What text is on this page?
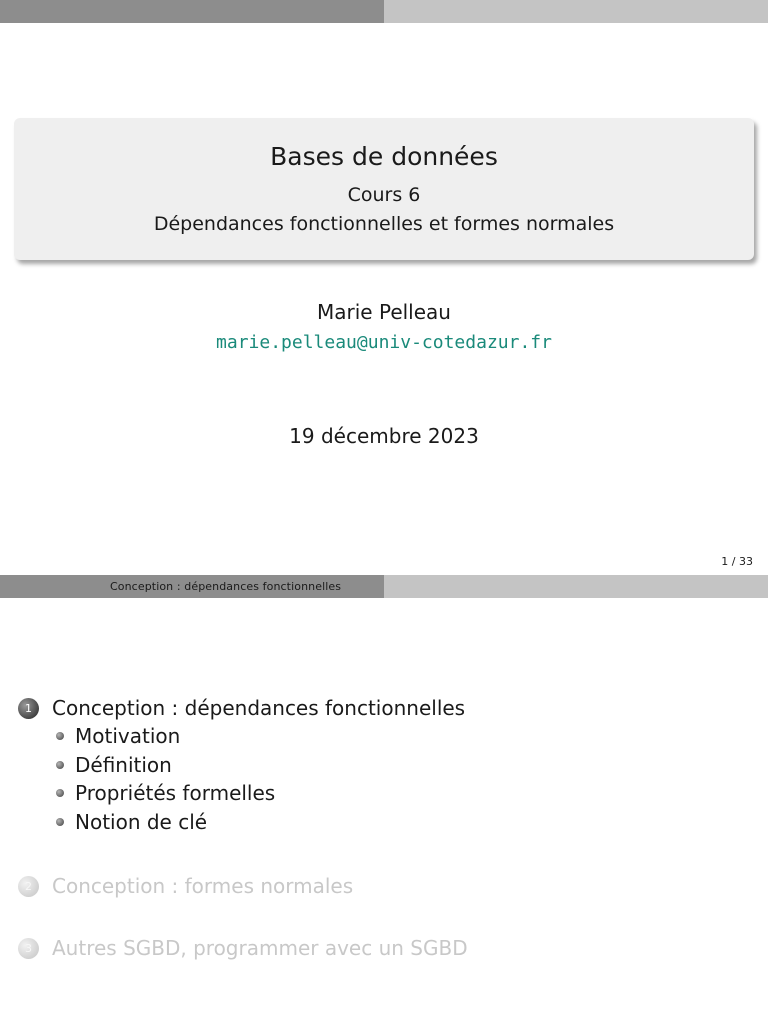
Bases de données
Cours 6
Dépendances fonctionnelles et formes normales
Marie Pelleau
marie.pelleau@univ-cotedazur.fr
19 décembre 2023
1 / 33
Conception : dépendances fonctionnelles
1	Conception : dépendances fonctionnelles
Motivation
Définition
Propriétés formelles
Notion de clé
2	Conception : formes normales
3	Autres SGBD, programmer avec un SGBD
